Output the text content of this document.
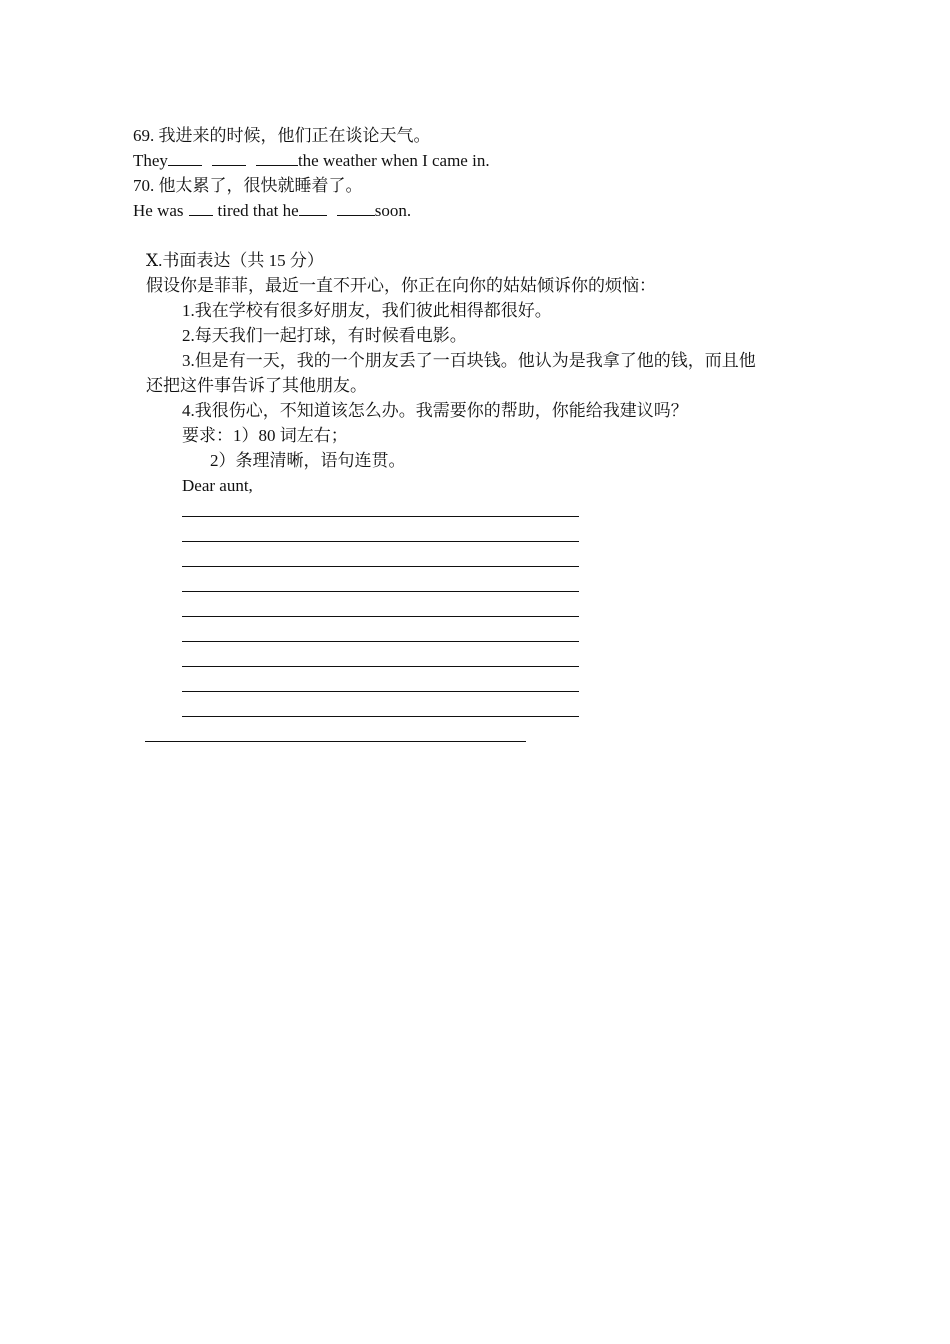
69. 我进来的时候，他们正在谈论天气。
They	the weather when I came in.
70. 他太累了，很快就睡着了。
He was tired that he	soon.
Ⅹ.书面表达（共 15 分）
假设你是菲菲，最近一直不开心，你正在向你的姑姑倾诉你的烦恼：
1.我在学校有很多好朋友，我们彼此相得都很好。
2.每天我们一起打球，有时候看电影。
3.但是有一天，我的一个朋友丢了一百块钱。他认为是我拿了他的钱，而且他
还把这件事告诉了其他朋友。
4.我很伤心，不知道该怎么办。我需要你的帮助，你能给我建议吗？
要求：1）80 词左右；
2）条理清晰，语句连贯。
Dear aunt,
